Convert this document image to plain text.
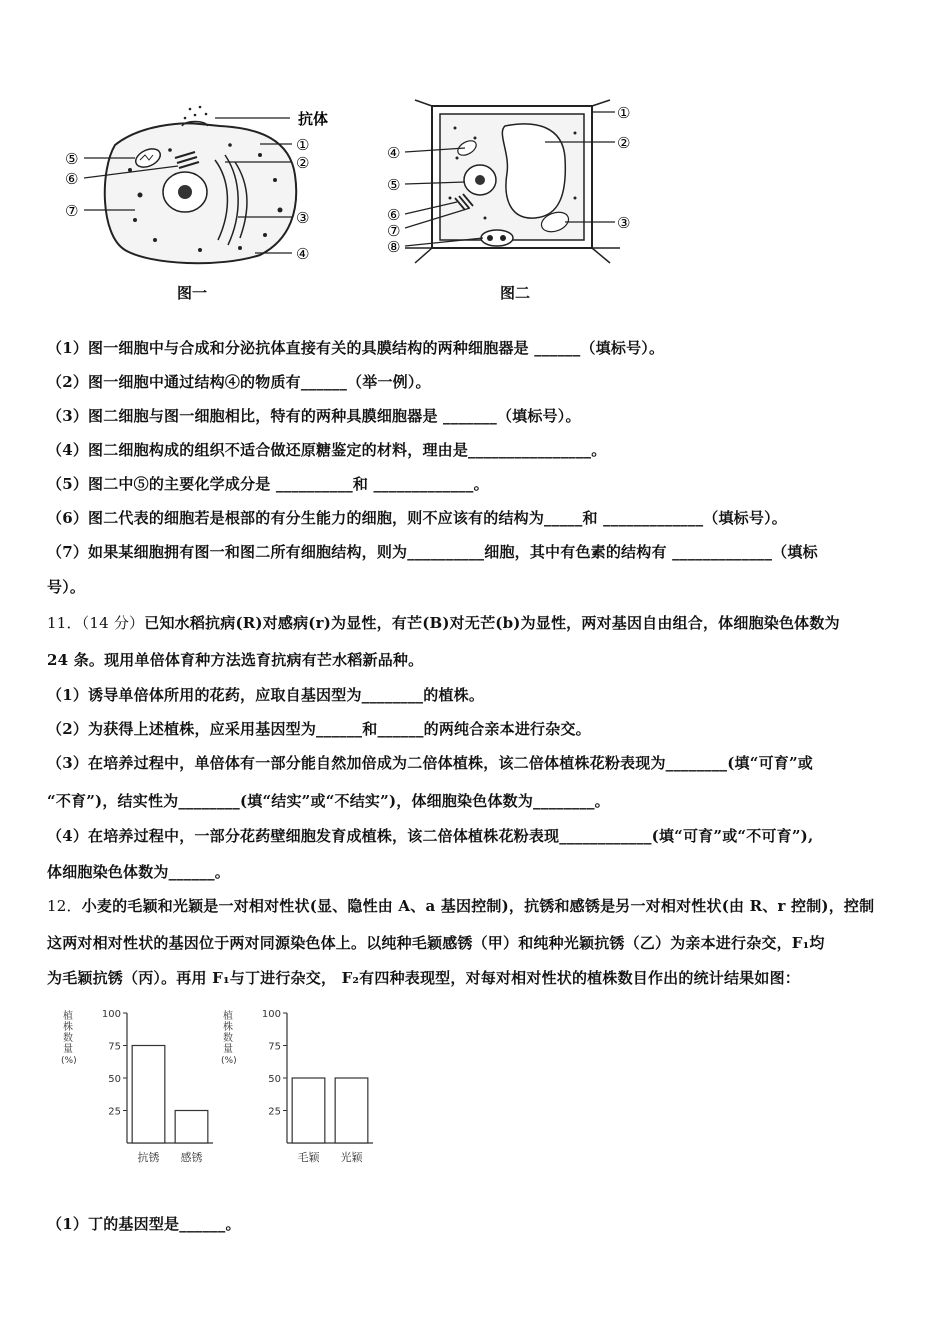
抗体
①
②
③
④
⑤
⑥
⑦
图一
①
②
③
④
⑤
⑥
⑦
⑧
图二
（1）图一细胞中与合成和分泌抗体直接有关的具膜结构的两种细胞器是 ______（填标号）。
（2）图一细胞中通过结构④的物质有______（举一例）。
（3）图二细胞与图一细胞相比，特有的两种具膜细胞器是 _______（填标号）。
（4）图二细胞构成的组织不适合做还原糖鉴定的材料，理由是________________。
（5）图二中⑤的主要化学成分是 __________和 _____________。
（6）图二代表的细胞若是根部的有分生能力的细胞，则不应该有的结构为_____和 _____________（填标号）。
（7）如果某细胞拥有图一和图二所有细胞结构，则为__________细胞，其中有色素的结构有 _____________（填标
号）。
11．（14 分）已知水稻抗病(R)对感病(r)为显性，有芒(B)对无芒(b)为显性，两对基因自由组合，体细胞染色体数为
24 条。现用单倍体育种方法选育抗病有芒水稻新品种。
（1）诱导单倍体所用的花药，应取自基因型为________的植株。
（2）为获得上述植株，应采用基因型为______和______的两纯合亲本进行杂交。
（3）在培养过程中，单倍体有一部分能自然加倍成为二倍体植株，该二倍体植株花粉表现为________(填“可育”或
“不育”)，结实性为________(填“结实”或“不结实”)，体细胞染色体数为________。
（4）在培养过程中，一部分花药壁细胞发育成植株，该二倍体植株花粉表现____________(填“可育”或“不可育”),
体细胞染色体数为______。
12．小麦的毛颖和光颖是一对相对性状(显、隐性由 A、a 基因控制)，抗锈和感锈是另一对相对性状(由 R、r 控制)，控制
这两对相对性状的基因位于两对同源染色体上。以纯种毛颖感锈（甲）和纯种光颖抗锈（乙）为亲本进行杂交，F₁均
为毛颖抗锈（丙）。再用 F₁与丁进行杂交， F₂有四种表现型，对每对相对性状的植株数目作出的统计结果如图：
植
株
数
量
(%)
100
75
50
25
抗锈 感锈
植
株
数
量
(%)
100
75
50
25
毛颖 光颖
（1）丁的基因型是______。
